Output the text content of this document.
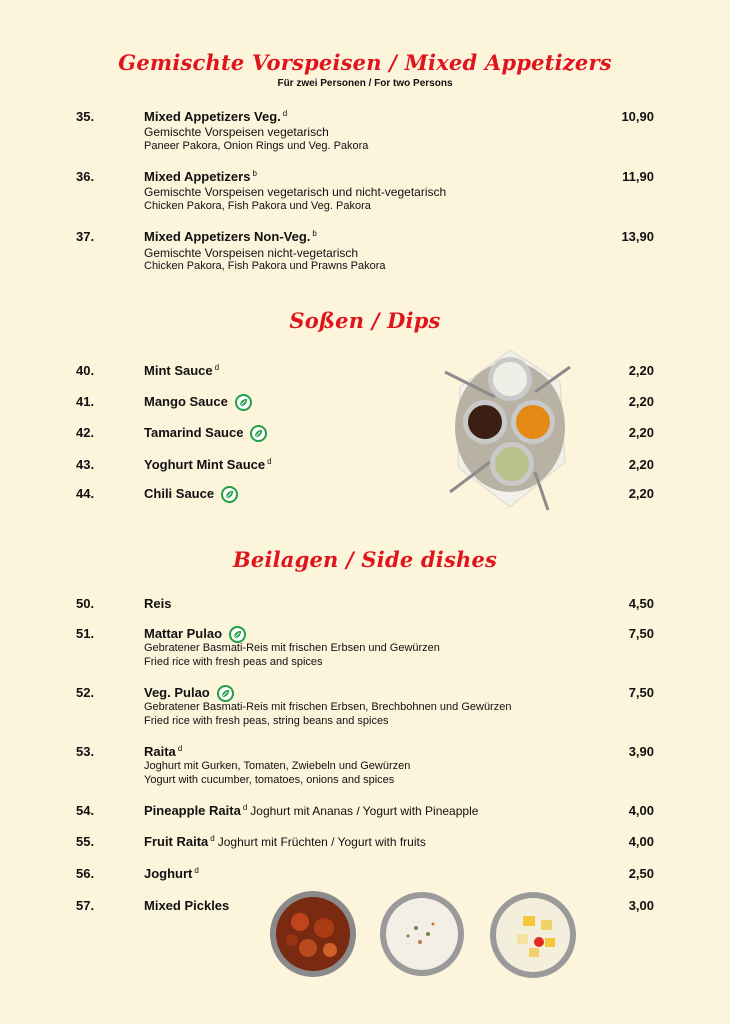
Gemischte Vorspeisen / Mixed Appetizers
Für zwei Personen / For two Persons
35.	Mixed Appetizers Veg. $^d$
Gemischte Vorspeisen vegetarisch
Paneer Pakora, Onion Rings und Veg. Pakora
10,90
36.	Mixed Appetizers $^b$
Gemischte Vorspeisen vegetarisch und nicht-vegetarisch
Chicken Pakora, Fish Pakora und Veg. Pakora
11,90
37.	Mixed Appetizers Non-Veg. $^b$
Gemischte Vorspeisen nicht-vegetarisch
Chicken Pakora, Fish Pakora und Prawns Pakora
13,90
Soßen / Dips
40.	Mint Sauce $^d$	2,20
41.	Mango Sauce	2,20
42.	Tamarind Sauce	2,20
43.	Yoghurt Mint Sauce $^d$	2,20
44.	Chili Sauce	2,20
Beilagen / Side dishes
50.	Reis	4,50
51.	Mattar Pulao
Gebratener Basmati-Reis mit frischen Erbsen und Gewürzen
Fried rice with fresh peas and spices
7,50
52.	Veg. Pulao
Gebratener Basmati-Reis mit frischen Erbsen, Brechbohnen und Gewürzen
Fried rice with fresh peas, string beans and spices
7,50
53.	Raita $^d$
Joghurt mit Gurken, Tomaten, Zwiebeln und Gewürzen
Yogurt with cucumber, tomatoes, onions and spices
3,90
54.	Pineapple Raita $^d$ Joghurt mit Ananas / Yogurt with Pineapple	4,00
55.	Fruit Raita $^d$ Joghurt mit Früchten / Yogurt with fruits	4,00
56.	Joghurt $^d$	2,50
57.	Mixed Pickles	3,00
